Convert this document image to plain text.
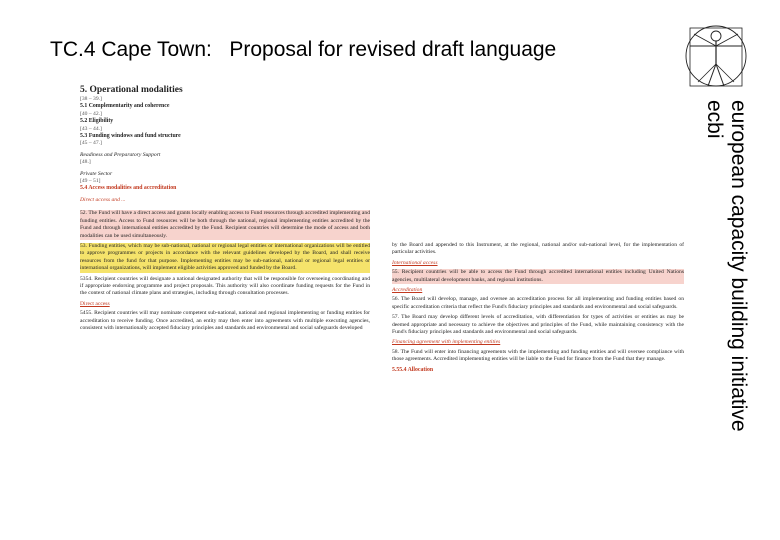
TC.4 Cape Town:   Proposal for revised draft language
european capacity building initiative
ecbi
5. Operational modalities
[38 – 39.]
5.1 Complementarity and coherence
[40 – 42.]
5.2 Eligibility
[43 – 44.]
5.3 Funding windows and fund structure
[45 – 47.]
Readiness and Preparatory Support
[48.]
Private Sector
[49 – 51]
5.4 Access modalities and accreditation
Direct access and ...
52. The Fund will have a direct access and grants locally enabling access to Fund resources through accredited implementing and funding entities. Access to Fund resources will be both through the national, regional implementing entities accredited by the Fund and through international entities accredited by the Fund. Recipient countries will determine the mode of access and both modalities can be used simultaneously.
53. Funding entities, which may be sub-national, national or regional legal entities or international organizations will be entitled to approve programmes or projects in accordance with the relevant guidelines developed by the Board, and shall receive resources from the fund for that purpose. Implementing entities may be sub-national, national or regional legal entities or international organizations, will implement eligible activities approved and funded by the Board.
5354. Recipient countries will designate a national designated authority that will be responsible for overseeing coordinating and if appropriate endorsing programme and project proposals. This authority will also coordinate funding requests for the Fund in the context of national climate plans and strategies, including through consultation processes.
Direct access
5455. Recipient countries will may nominate competent sub-national, national and regional implementing or funding entities for accreditation to receive funding. Once accredited, an entity may then enter into agreements with multiple executing agencies, consistent with internationally accepted fiduciary principles and standards and environmental and social safeguards developed
by the Board and appended to this Instrument, at the regional, national and/or sub-national level, for the implementation of particular activities.
International access
55. Recipient countries will be able to access the Fund through accredited international entities including United Nations agencies, multilateral development banks, and regional institutions.
Accreditation
56. The Board will develop, manage, and oversee an accreditation process for all implementing and funding entities based on specific accreditation criteria that reflect the Fund's fiduciary principles and standards and environmental and social safeguards.
57. The Board may develop different levels of accreditation, with differentiation for types of activities or entities as may be deemed appropriate and necessary to achieve the objectives and principles of the Fund, while maintaining consistency with the Fund's fiduciary principles and standards and environmental and social safeguards.
Financing agreement with implementing entities
58. The Fund will enter into financing agreements with the implementing and funding entities and will oversee compliance with those agreements. Accredited implementing entities will be liable to the Fund for finance from the Fund that they manage.
5.55.4 Allocation
